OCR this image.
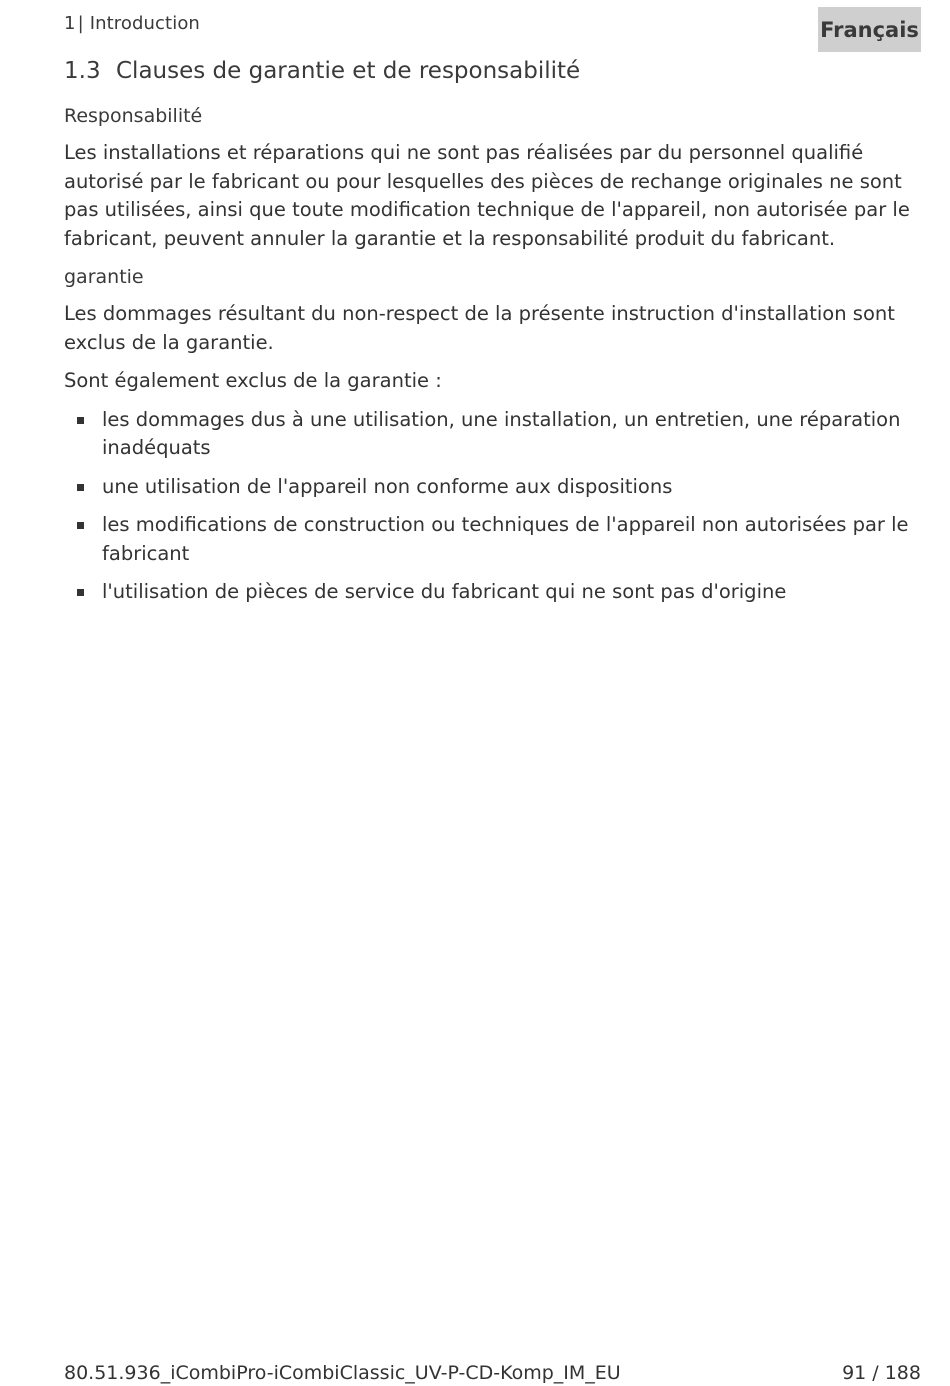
1 | Introduction	Français
1.3 Clauses de garantie et de responsabilité
Responsabilité

Les installations et réparations qui ne sont pas réalisées par du personnel qualifié autorisé par le fabricant ou pour lesquelles des pièces de rechange originales ne sont pas utilisées, ainsi que toute modification technique de l'appareil, non autorisée par le fabricant, peuvent annuler la garantie et la responsabilité produit du fabricant.

garantie

Les dommages résultant du non-respect de la présente instruction d'installation sont exclus de la garantie.

Sont également exclus de la garantie :

les dommages dus à une utilisation, une installation, un entretien, une réparation inadéquats
une utilisation de l'appareil non conforme aux dispositions
les modifications de construction ou techniques de l'appareil non autorisées par le fabricant
l'utilisation de pièces de service du fabricant qui ne sont pas d'origine
80.51.936_iCombiPro-iCombiClassic_UV-P-CD-Komp_IM_EU	91 / 188
